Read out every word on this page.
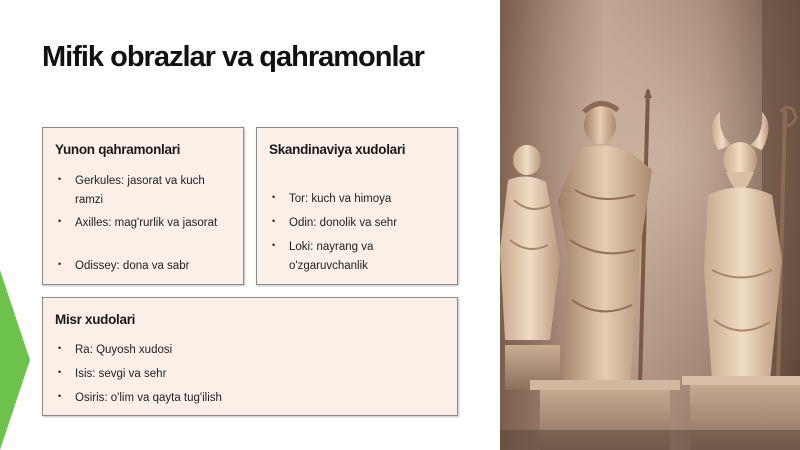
Mifik obrazlar va qahramonlar
Yunon qahramonlari
• Gerkules: jasorat va kuch ramzi
• Axilles: mag'rurlik va jasorat
• Odissey: dona va sabr
Skandinaviya xudolari
• Tor: kuch va himoya
• Odin: donolik va sehr
• Loki: nayrang va o'zgaruvchanlik
Misr xudolari
• Ra: Quyosh xudosi
• Isis: sevgi va sehr
• Osiris: o'lim va qayta tug'ilish
